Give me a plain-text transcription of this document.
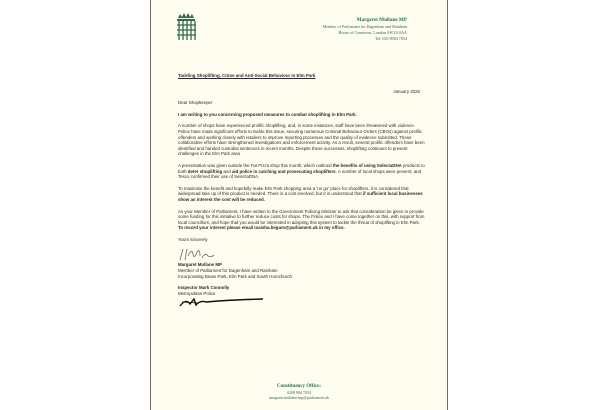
Margaret Mullane MP
Member of Parliament for Dagenham and Rainham
House of Commons, London SW1A 0AA
Tel: 020 8984 7834
Tackling Shoplifting, Crime and Anti-Social Behaviour in Elm Park
January 2026
Dear Shopkeeper

I am writing to you concerning proposed measures to combat shoplifting in Elm Park.

A number of shops have experienced prolific shoplifting, and, in some instances, staff have been threatened with violence. Police have made significant efforts to tackle this issue, securing numerous Criminal Behaviour Orders (CBOs) against prolific offenders and working closely with retailers to improve reporting processes and the quality of evidence submitted. These collaborative efforts have strengthened investigations and enforcement activity. As a result, several prolific offenders have been identified and handed custodial sentences in recent months. Despite these successes, shoplifting continues to present challenges in the Elm Park area

A presentation was given outside the Fat Pizza shop this month, which outlined the benefits of using SelectaDNA products to both deter shoplifting and aid police in catching and prosecuting shoplifters. A number of local shops were present, and Tesco confirmed their use of SelectaDNA.

To maximise the benefit and hopefully make Elm Park shopping area a 'no go' place for shoplifters, it is considered that widespread take up of this product is needed. There is a cost involved, but it is understood that if sufficient local businesses show an interest the cost will be reduced.

As your Member of Parliament, I have written to the Government Policing Minister to ask that consideration be given to provide some funding for this initiative to further reduce costs for shops. The Police and I have come together on this, with support from local councillors, and hope that you would be interested in adopting this system to tackle the threat of shoplifting in Elm Park. To record your interest please email maisha.begum@parliament.uk in my office.

Yours sincerely

Margaret Mullane MP
Member of Parliament for Dagenham and Rainham
Incorporating Beam Park, Elm Park and South Hornchurch
Inspector Mark Connolly
Metropolitan Police
Constituency Office:
0208 984 7834
margaret.mullane.mp@parliament.uk
